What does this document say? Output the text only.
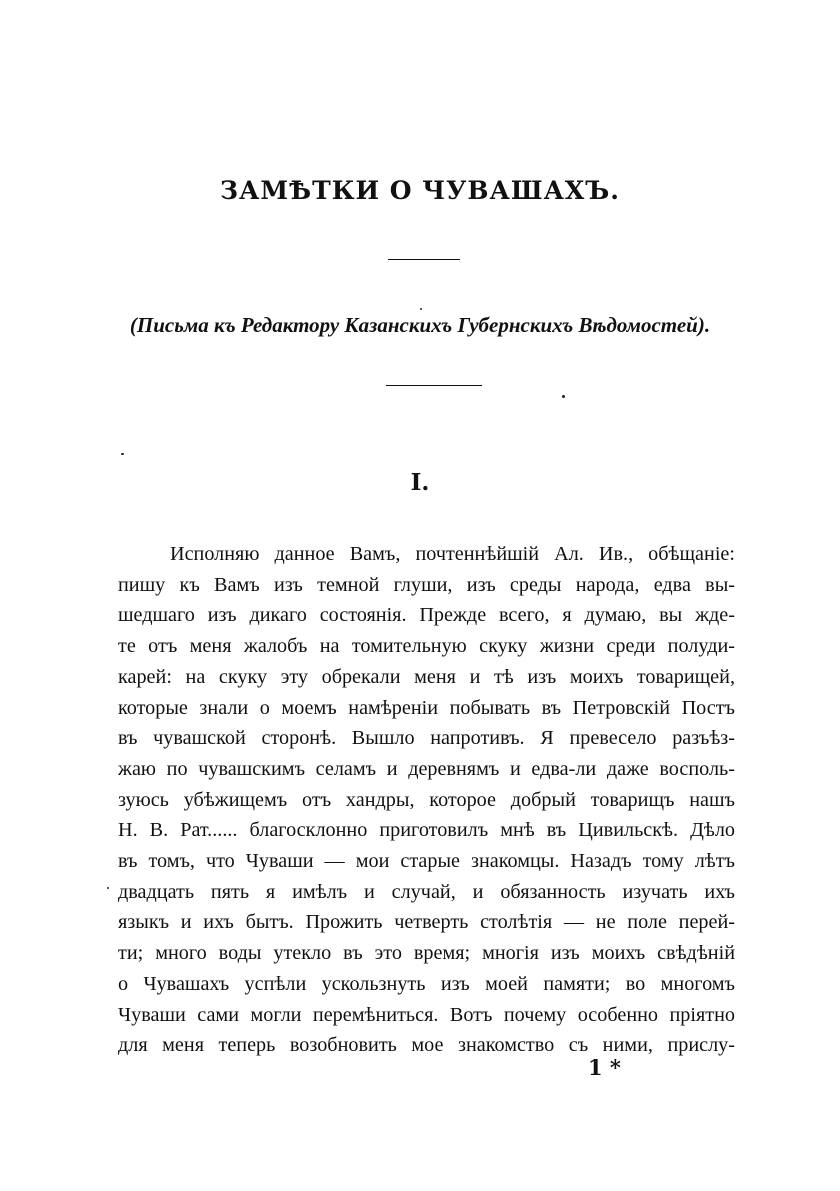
ЗАМѢТКИ О ЧУВАШАХЪ.
(Письма къ Редактору Казанскихъ Губернскихъ Вѣдомостей).
I.
Исполняю данное Вамъ, почтеннѣйшій Ал. Ив., обѣщаніе:
пишу къ Вамъ изъ темной глуши, изъ среды народа, едва вы-
шедшаго изъ дикаго состоянія. Прежде всего, я думаю, вы жде-
те отъ меня жалобъ на томительную скуку жизни среди полуди-
карей: на скуку эту обрекали меня и тѣ изъ моихъ товарищей,
которые знали о моемъ намѣреніи побывать въ Петровскій Постъ
въ чувашской сторонѣ. Вышло напротивъ. Я превесело разъѣз-
жаю по чувашскимъ селамъ и деревнямъ и едва-ли даже восполь-
зуюсь убѣжищемъ отъ хандры, которое добрый товарищъ нашъ
Н. В. Рат...... благосклонно приготовилъ мнѣ въ Цивильскѣ. Дѣло
въ томъ, что Чуваши — мои старые знакомцы. Назадъ тому лѣтъ
двадцать пять я имѣлъ и случай, и обязанность изучать ихъ
языкъ и ихъ бытъ. Прожить четверть столѣтія — не поле перей-
ти; много воды утекло въ это время; многія изъ моихъ свѣдѣній
о Чувашахъ успѣли ускользнуть изъ моей памяти; во многомъ
Чуваши сами могли перемѣниться. Вотъ почему особенно пріятно
для меня теперь возобновить мое знакомство съ ними, прислу-
1 *
